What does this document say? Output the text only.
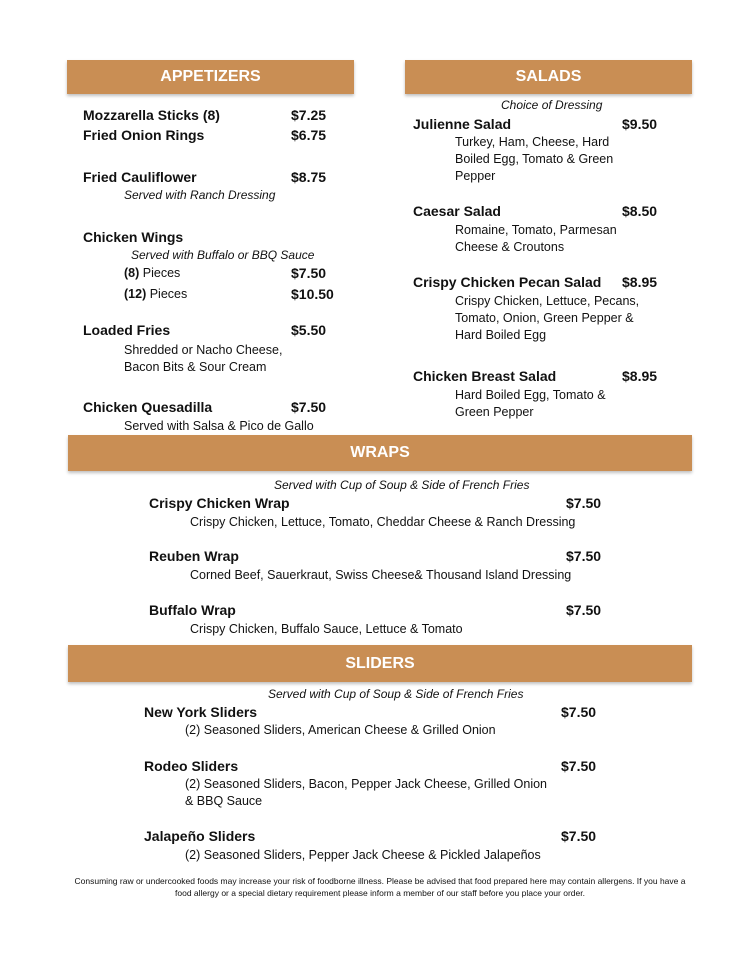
APPETIZERS
Mozzarella Sticks (8)	$7.25
Fried Onion Rings	$6.75
Fried Cauliflower	$8.75
Served with Ranch Dressing
Chicken Wings
Served with Buffalo or BBQ Sauce
(8) Pieces	$7.50
(12) Pieces	$10.50
Loaded Fries	$5.50
Shredded or Nacho Cheese,
Bacon Bits & Sour Cream
Chicken Quesadilla	$7.50
Served with Salsa & Pico de Gallo
SALADS
Choice of Dressing
Julienne Salad	$9.50
Turkey, Ham, Cheese, Hard
Boiled Egg, Tomato & Green
Pepper
Caesar Salad	$8.50
Romaine, Tomato, Parmesan
Cheese & Croutons
Crispy Chicken Pecan Salad $8.95
Crispy Chicken, Lettuce, Pecans,
Tomato, Onion, Green Pepper &
Hard Boiled Egg
Chicken Breast Salad	$8.95
Hard Boiled Egg, Tomato &
Green Pepper
WRAPS
Served with Cup of Soup & Side of French Fries
Crispy Chicken Wrap	$7.50
Crispy Chicken, Lettuce, Tomato, Cheddar Cheese & Ranch Dressing
Reuben Wrap	$7.50
Corned Beef, Sauerkraut, Swiss Cheese& Thousand Island Dressing
Buffalo Wrap	$7.50
Crispy Chicken, Buffalo Sauce, Lettuce & Tomato
SLIDERS
Served with Cup of Soup & Side of French Fries
New York Sliders	$7.50
(2) Seasoned Sliders, American Cheese & Grilled Onion
Rodeo Sliders	$7.50
(2) Seasoned Sliders, Bacon, Pepper Jack Cheese, Grilled Onion
& BBQ Sauce
Jalapeño Sliders	$7.50
(2) Seasoned Sliders, Pepper Jack Cheese & Pickled Jalapeños
Consuming raw or undercooked foods may increase your risk of foodborne illness. Please be advised that food prepared here may contain allergens. If you have a
food allergy or a special dietary requirement please inform a member of our staff before you place your order.
